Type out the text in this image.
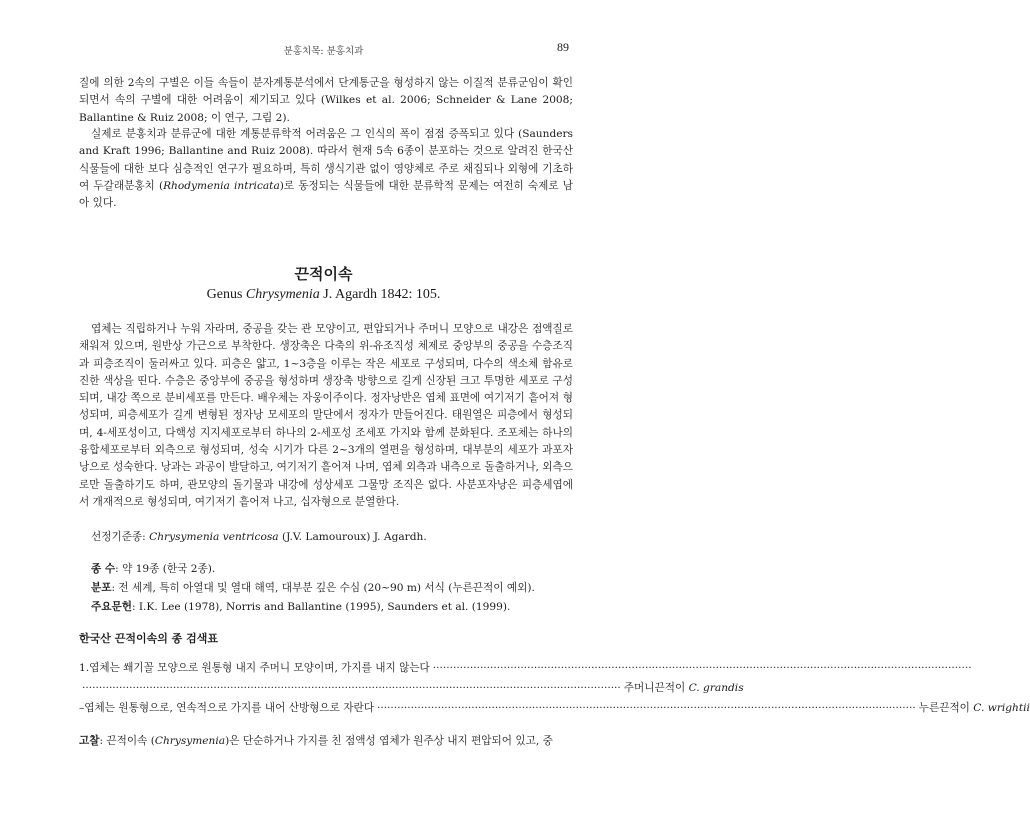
분홍치목: 분홍치과	89

질에 의한 2속의 구별은 이들 속들이 분자계통분석에서 단계통군을 형성하지 않는 이질적 분류군임이 확인되면서 속의 구별에 대한 어려움이 제기되고 있다 (Wilkes et al. 2006; Schneider & Lane 2008; Ballantine & Ruiz 2008; 이 연구, 그림 2).

실제로 분홍치과 분류군에 대한 계통분류학적 어려움은 그 인식의 폭이 점점 증폭되고 있다 (Saunders and Kraft 1996; Ballantine and Ruiz 2008). 따라서 현재 5속 6종이 분포하는 것으로 알려진 한국산 식물들에 대한 보다 심층적인 연구가 필요하며, 특히 생식기관 없이 영양체로 주로 채집되나 외형에 기초하여 두갈래분홍치 (Rhodymenia intricata)로 동정되는 식물들에 대한 분류학적 문제는 여전히 숙제로 남아 있다.

끈적이속
Genus Chrysymenia J. Agardh 1842: 105.

엽체는 직립하거나 누워 자라며, 중공을 갖는 관 모양이고, 편압되거나 주머니 모양으로 내강은 점액질로 채워져 있으며, 원반상 가근으로 부착한다. 생장축은 다축의 위-유조직성 체제로 중앙부의 중공을 수층조직과 피층조직이 둘러싸고 있다. 피층은 얇고, 1~3층을 이루는 작은 세포로 구성되며, 다수의 색소체 함유로 진한 색상을 띤다. 수층은 중앙부에 중공을 형성하며 생장축 방향으로 길게 신장된 크고 투명한 세포로 구성되며, 내강 쪽으로 분비세포를 만든다. 배우체는 자웅이주이다. 정자낭반은 엽체 표면에 여기저기 흩어져 형성되며, 피층세포가 길게 변형된 정자낭 모세포의 말단에서 정자가 만들어진다. 태원열은 피층에서 형성되며, 4-세포성이고, 다핵성 지지세포로부터 하나의 2-세포성 조세포 가지와 함께 분화된다. 조포체는 하나의 융합세포로부터 외측으로 형성되며, 성숙 시기가 다른 2~3개의 열편을 형성하며, 대부분의 세포가 과포자낭으로 성숙한다. 낭과는 과공이 발달하고, 여기저기 흩어져 나며, 엽체 외측과 내측으로 돌출하거나, 외측으로만 돌출하기도 하며, 관모양의 돌기물과 내강에 성상세포 그물망 조직은 없다. 사분포자낭은 피층세엽에서 개재적으로 형성되며, 여기저기 흩어져 나고, 십자형으로 분열한다.

선정기준종: Chrysymenia ventricosa (J.V. Lamouroux) J. Agardh.
종 수: 약 19종 (한국 2종).
분포: 전 세계, 특히 아열대 및 열대 해역, 대부분 깊은 수심 (20~90 m) 서식 (누른끈적이 예외).
주요문헌: I.K. Lee (1978), Norris and Ballantine (1995), Saunders et al. (1999).
한국산 끈적이속의 종 검색표
1. 엽체는 쐐기꼴 모양으로 원통형 내지 주머니 모양이며, 가지를 내지 않는다 ································································································································································
································································································································································ 주머니끈적이
C. grandis
– 엽체는 원통형으로, 연속적으로 가지를 내어 산방형으로 자란다 ································································································································································ 누른끈적이
C. wrightii
고찰: 끈적이속 (Chrysymenia)은 단순하거나 가지를 친 점액성 엽체가 원주상 내지 편압되어 있고, 중
